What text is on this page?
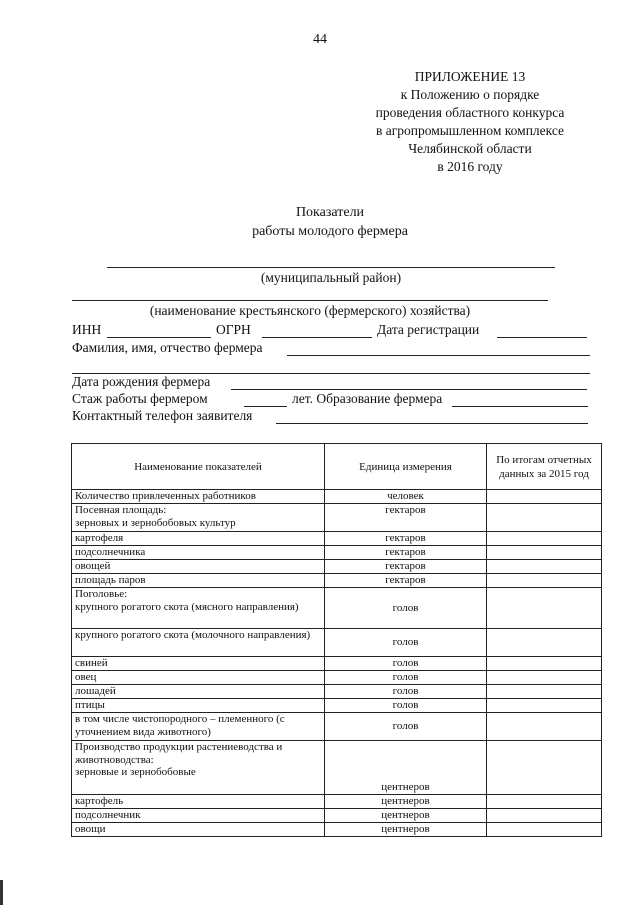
44
ПРИЛОЖЕНИЕ 13
к Положению о порядке
проведения областного конкурса
в агропромышленном комплексе
Челябинской области
в 2016 году
Показатели
работы молодого фермера
(муниципальный район)
(наименование крестьянского (фермерского) хозяйства)
ИНН	ОГРН	Дата регистрации
Фамилия, имя, отчество фермера
Дата рождения фермера
Стаж работы фермером	лет. Образование фермера
Контактный телефон заявителя
Наименование показателей	Единица измерения	По итогам отчетных данных за 2015 год
Количество привлеченных работников	человек	
Посевная площадь:
зерновых и зернобобовых культур	гектаров	
картофеля	гектаров	
подсолнечника	гектаров	
овощей	гектаров	
площадь паров	гектаров	
Поголовье:
крупного рогатого скота (мясного направления)	голов	
крупного рогатого скота (молочного направления)	голов	
свиней	голов	
овец	голов	
лошадей	голов	
птицы	голов	
в том числе чистопородного – племенного (с уточнением вида животного)	голов	
Производство продукции растениеводства и животноводства:
зерновые и зернобобовые	центнеров	
картофель	центнеров	
подсолнечник	центнеров	
овощи	центнеров	
